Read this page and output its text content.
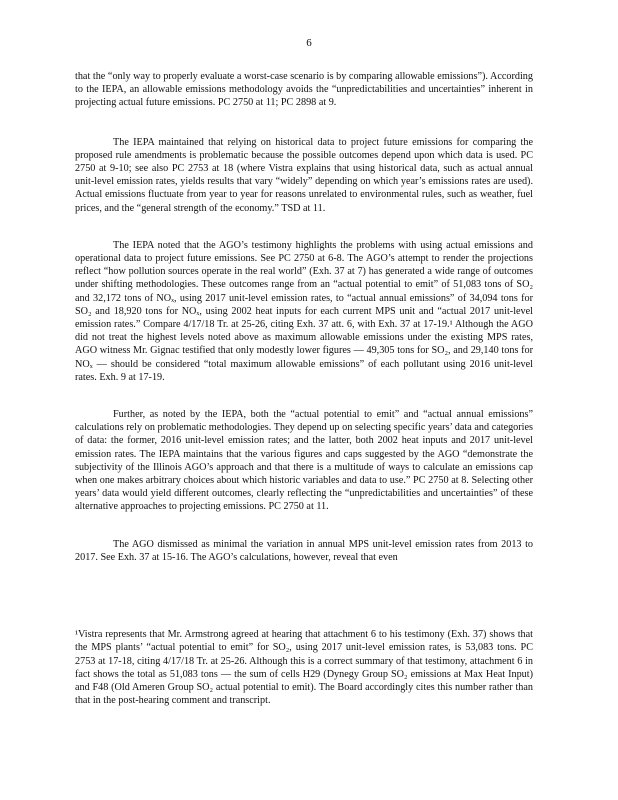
6

that the “only way to properly evaluate a worst-case scenario is by comparing allowable emissions”). According to the IEPA, an allowable emissions methodology avoids the “unpredictabilities and uncertainties” inherent in projecting actual future emissions. PC 2750 at 11; PC 2898 at 9.

The IEPA maintained that relying on historical data to project future emissions for comparing the proposed rule amendments is problematic because the possible outcomes depend upon which data is used. PC 2750 at 9-10; see also PC 2753 at 18 (where Vistra explains that using historical data, such as actual annual unit-level emission rates, yields results that vary “widely” depending on which year’s emissions rates are used). Actual emissions fluctuate from year to year for reasons unrelated to environmental rules, such as weather, fuel prices, and the “general strength of the economy.” TSD at 11.

The IEPA noted that the AGO’s testimony highlights the problems with using actual emissions and operational data to project future emissions. See PC 2750 at 6-8. The AGO’s attempt to render the projections reflect “how pollution sources operate in the real world” (Exh. 37 at 7) has generated a wide range of outcomes under shifting methodologies. These outcomes range from an “actual potential to emit” of 51,083 tons of SO₂ and 32,172 tons of NOₓ, using 2017 unit-level emission rates, to “actual annual emissions” of 34,094 tons for SO₂ and 18,920 tons for NOₓ, using 2002 heat inputs for each current MPS unit and “actual 2017 unit-level emission rates.” Compare 4/17/18 Tr. at 25-26, citing Exh. 37 att. 6, with Exh. 37 at 17-19.¹ Although the AGO did not treat the highest levels noted above as maximum allowable emissions under the existing MPS rates, AGO witness Mr. Gignac testified that only modestly lower figures — 49,305 tons for SO₂, and 29,140 tons for NOₓ — should be considered “total maximum allowable emissions” of each pollutant using 2016 unit-level rates. Exh. 9 at 17-19.

Further, as noted by the IEPA, both the “actual potential to emit” and “actual annual emissions” calculations rely on problematic methodologies. They depend up on selecting specific years’ data and categories of data: the former, 2016 unit-level emission rates; and the latter, both 2002 heat inputs and 2017 unit-level emission rates. The IEPA maintains that the various figures and caps suggested by the AGO “demonstrate the subjectivity of the Illinois AGO’s approach and that there is a multitude of ways to calculate an emissions cap when one makes arbitrary choices about which historic variables and data to use.” PC 2750 at 8. Selecting other years’ data would yield different outcomes, clearly reflecting the “unpredictabilities and uncertainties” of these alternative approaches to projecting emissions. PC 2750 at 11.

The AGO dismissed as minimal the variation in annual MPS unit-level emission rates from 2013 to 2017. See Exh. 37 at 15-16. The AGO’s calculations, however, reveal that even

¹Vistra represents that Mr. Armstrong agreed at hearing that attachment 6 to his testimony (Exh. 37) shows that the MPS plants’ “actual potential to emit” for SO₂, using 2017 unit-level emission rates, is 53,083 tons. PC 2753 at 17-18, citing 4/17/18 Tr. at 25-26. Although this is a correct summary of that testimony, attachment 6 in fact shows the total as 51,083 tons — the sum of cells H29 (Dynegy Group SO₂ emissions at Max Heat Input) and F48 (Old Ameren Group SO₂ actual potential to emit). The Board accordingly cites this number rather than that in the post-hearing comment and transcript.
